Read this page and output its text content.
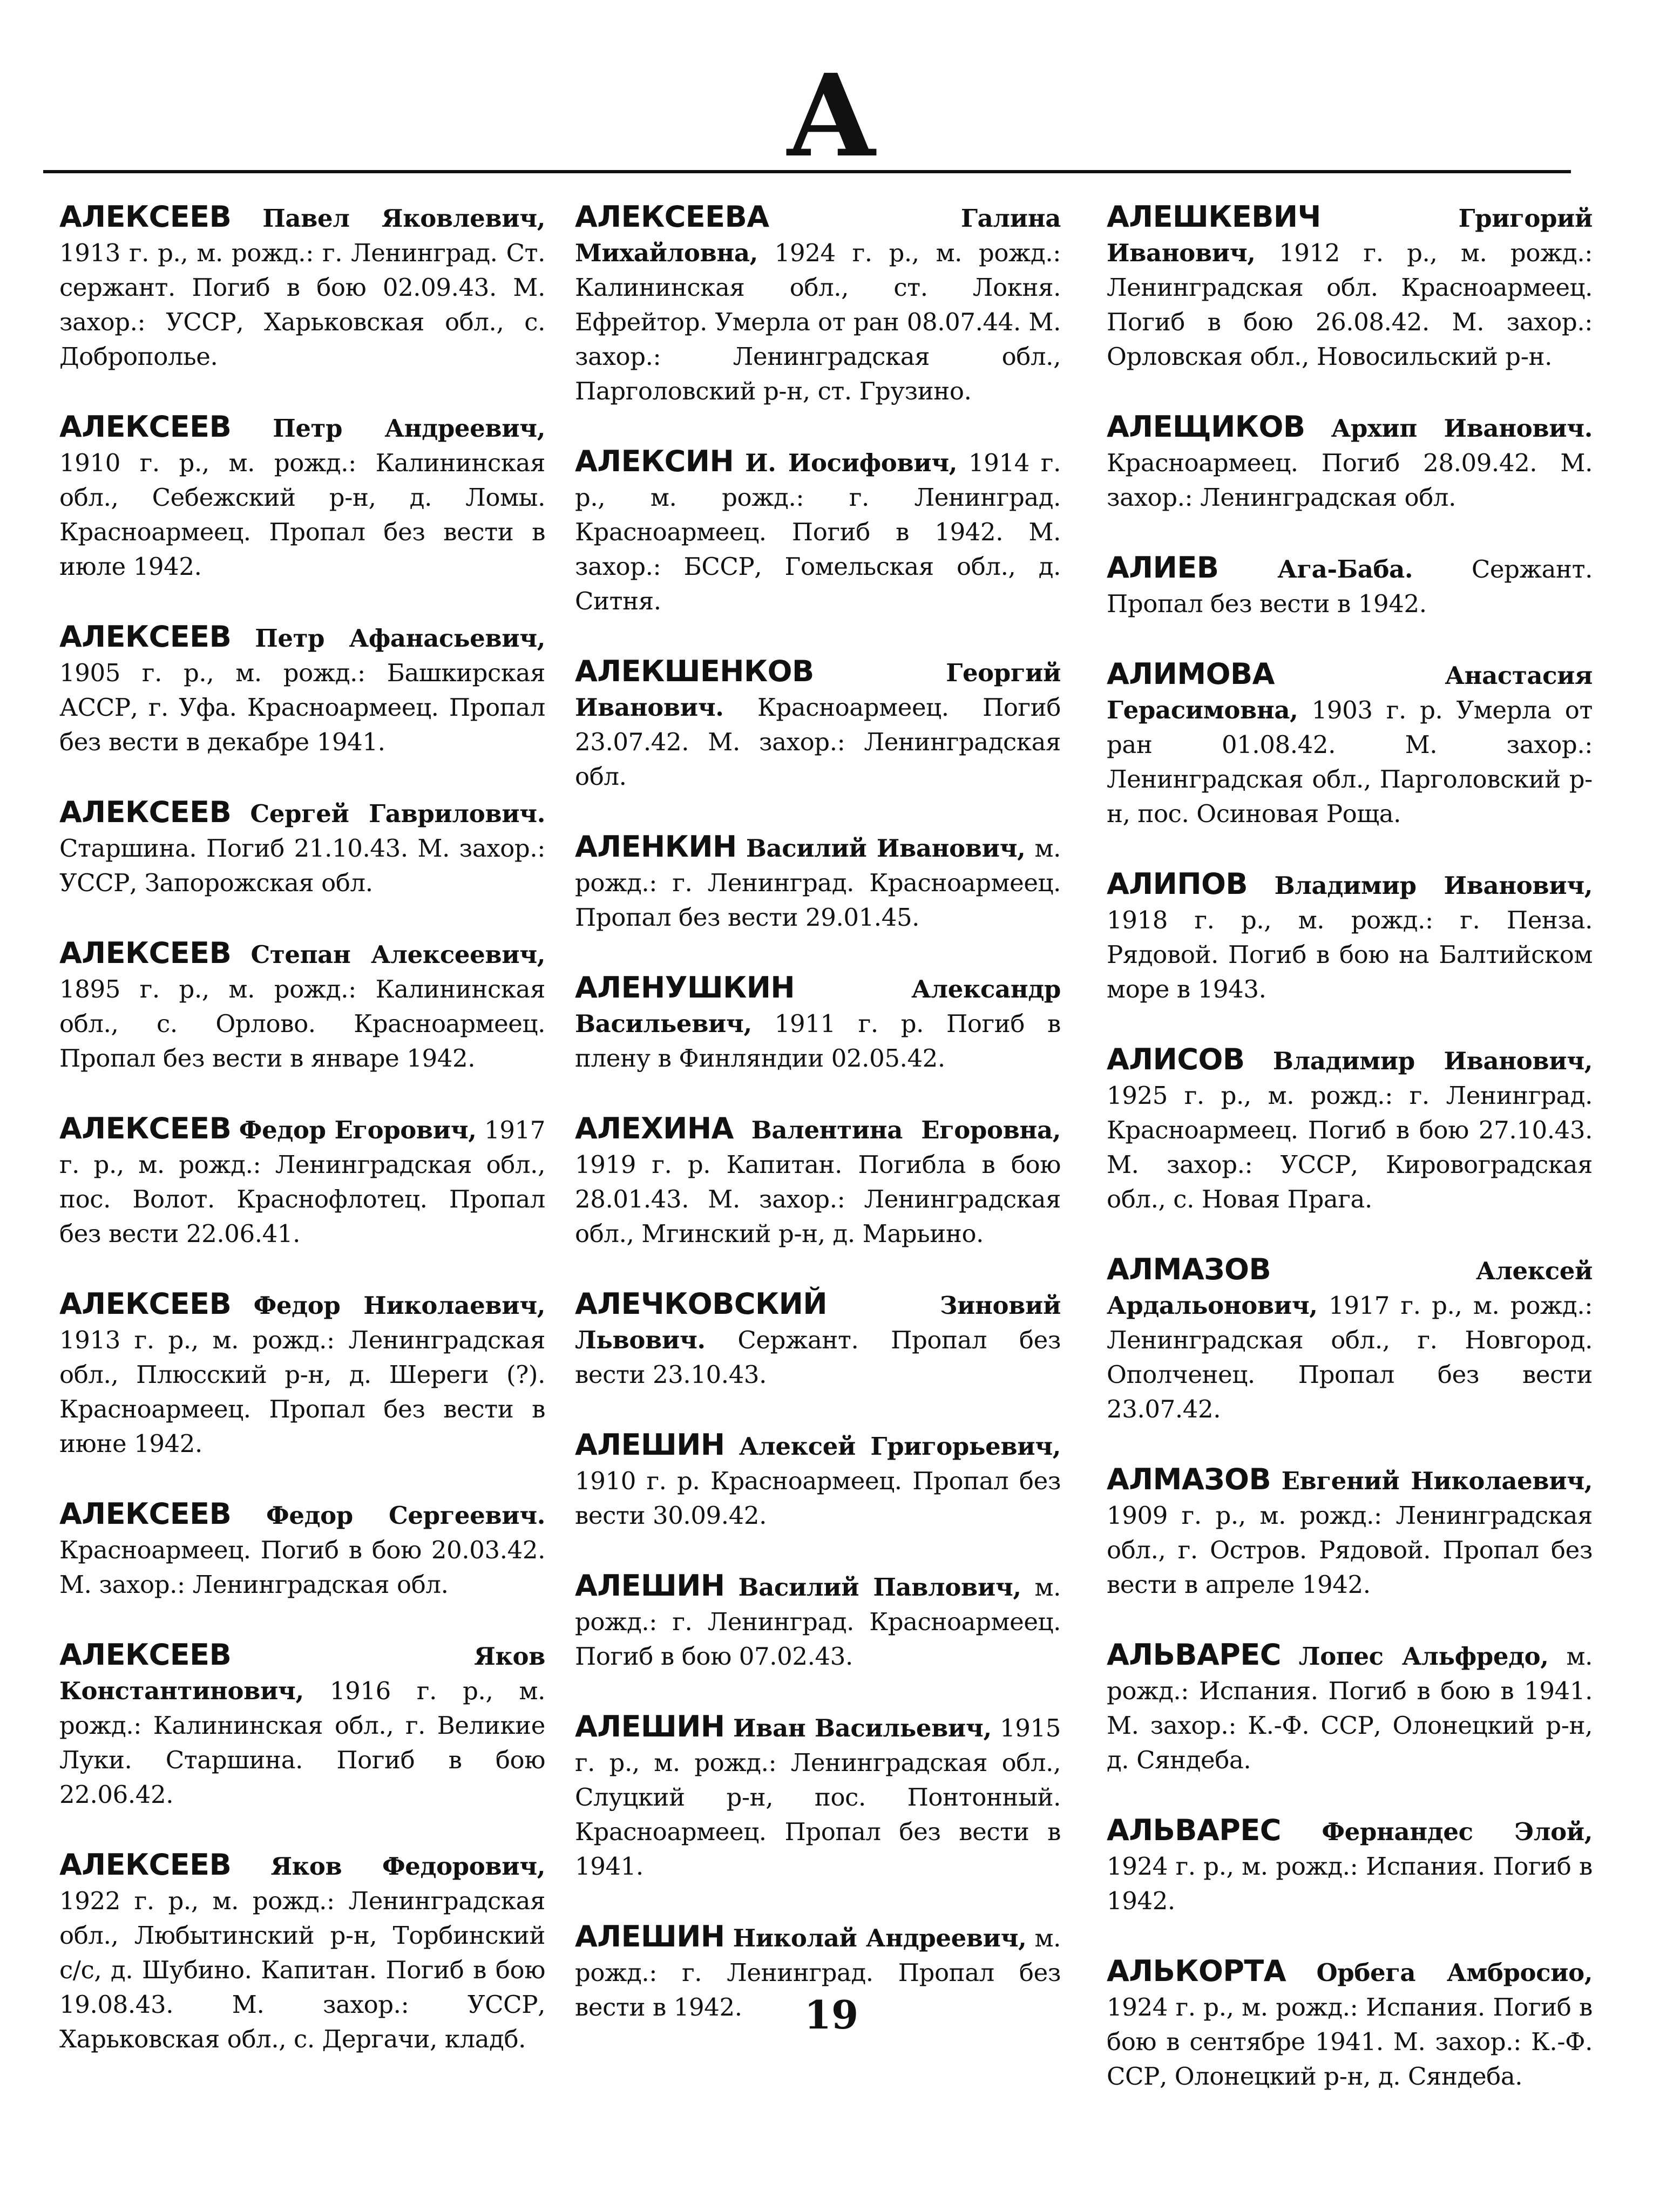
А

АЛЕКСЕЕВ Павел Яковлевич, 1913 г. р., м. рожд.: г. Ленинград. Ст. сержант. Погиб в бою 02.09.43. М. захор.: УССР, Харьковская обл., с. Доброполье.

АЛЕКСЕЕВ Петр Андреевич, 1910 г. р., м. рожд.: Калининская обл., Себежский р-н, д. Ломы. Красноармеец. Пропал без вести в июле 1942.

АЛЕКСЕЕВ Петр Афанасьевич, 1905 г. р., м. рожд.: Башкирская АССР, г. Уфа. Красноармеец. Пропал без вести в декабре 1941.

АЛЕКСЕЕВ Сергей Гаврилович. Старшина. Погиб 21.10.43. М. захор.: УССР, Запорожская обл.

АЛЕКСЕЕВ Степан Алексеевич, 1895 г. р., м. рожд.: Калининская обл., с. Орлово. Красноармеец. Пропал без вести в январе 1942.

АЛЕКСЕЕВ Федор Егорович, 1917 г. р., м. рожд.: Ленинградская обл., пос. Волот. Краснофлотец. Пропал без вести 22.06.41.

АЛЕКСЕЕВ Федор Николаевич, 1913 г. р., м. рожд.: Ленинградская обл., Плюсский р-н, д. Шереги (?). Красноармеец. Пропал без вести в июне 1942.

АЛЕКСЕЕВ Федор Сергеевич. Красноармеец. Погиб в бою 20.03.42. М. захор.: Ленинградская обл.

АЛЕКСЕЕВ	Яков Константинович, 1916 г. р., м. рожд.: Калининская обл., г. Великие Луки. Старшина. Погиб в бою 22.06.42.

АЛЕКСЕЕВ Яков Федорович, 1922 г. р., м. рожд.: Ленинградская обл., Любытинский р-н, Торбинский с/с, д. Шубино. Капитан. Погиб в бою 19.08.43. М. захор.: УССР, Харьковская обл., с. Дергачи, кладб.

АЛЕКСЕЕВА	Галина Михайловна, 1924 г. р., м. рожд.: Калининская обл., ст. Локня. Ефрейтор. Умерла от ран 08.07.44. М. захор.: Ленинградская обл., Парголовский р-н, ст. Грузино.

АЛЕКСИН И. Иосифович, 1914 г. р., м. рожд.: г. Ленинград. Красноармеец. Погиб в 1942. М. захор.: БССР, Гомельская обл., д. Ситня.

АЛЕКШЕНКОВ	Георгий Иванович. Красноармеец. Погиб 23.07.42. М. захор.: Ленинградская обл.

АЛЕНКИН Василий Иванович, м. рожд.: г. Ленинград. Красноармеец. Пропал без вести 29.01.45.

АЛЕНУШКИН	Александр Васильевич, 1911 г. р. Погиб в плену в Финляндии 02.05.42.

АЛЕХИНА Валентина Егоровна, 1919 г. р. Капитан. Погибла в бою 28.01.43. М. захор.: Ленинградская обл., Мгинский р-н, д. Марьино.

АЛЕЧКОВСКИЙ	Зиновий Львович. Сержант. Пропал без вести 23.10.43.

АЛЕШИН Алексей Григорьевич, 1910 г. р. Красноармеец. Пропал без вести 30.09.42.

АЛЕШИН Василий Павлович, м. рожд.: г. Ленинград. Красноармеец. Погиб в бою 07.02.43.

АЛЕШИН Иван Васильевич, 1915 г. р., м. рожд.: Ленинградская обл., Слуцкий р-н, пос. Понтонный. Красноармеец. Пропал без вести в 1941.

АЛЕШИН Николай Андреевич, м. рожд.: г. Ленинград. Пропал без вести в 1942.

АЛЕШКЕВИЧ	Григорий Иванович, 1912 г. р., м. рожд.: Ленинградская обл. Красноармеец. Погиб в бою 26.08.42. М. захор.: Орловская обл., Новосильский р-н.

АЛЕЩИКОВ Архип Иванович. Красноармеец. Погиб 28.09.42. М. захор.: Ленинградская обл.

АЛИЕВ Ага-Баба. Сержант. Пропал без вести в 1942.

АЛИМОВА	Анастасия Герасимовна, 1903 г. р. Умерла от ран 01.08.42. М. захор.: Ленинградская обл., Парголовский р-н, пос. Осиновая Роща.

АЛИПОВ Владимир Иванович, 1918 г. р., м. рожд.: г. Пенза. Рядовой. Погиб в бою на Балтийском море в 1943.

АЛИСОВ Владимир Иванович, 1925 г. р., м. рожд.: г. Ленинград. Красноармеец. Погиб в бою 27.10.43. М. захор.: УССР, Кировоградская обл., с. Новая Прага.

АЛМАЗОВ	Алексей Ардальонович, 1917 г. р., м. рожд.: Ленинградская обл., г. Новгород. Ополченец. Пропал без вести 23.07.42.

АЛМАЗОВ Евгений Николаевич, 1909 г. р., м. рожд.: Ленинградская обл., г. Остров. Рядовой. Пропал без вести в апреле 1942.

АЛЬВАРЕС Лопес Альфредо, м. рожд.: Испания. Погиб в бою в 1941. М. захор.: К.-Ф. ССР, Олонецкий р-н, д. Сяндеба.

АЛЬВАРЕС Фернандес Элой, 1924 г. р., м. рожд.: Испания. Погиб в 1942.

АЛЬКОРТА Орбега Амбросио, 1924 г. р., м. рожд.: Испания. Погиб в бою в сентябре 1941. М. захор.: К.-Ф. ССР, Олонецкий р-н, д. Сяндеба.

19
